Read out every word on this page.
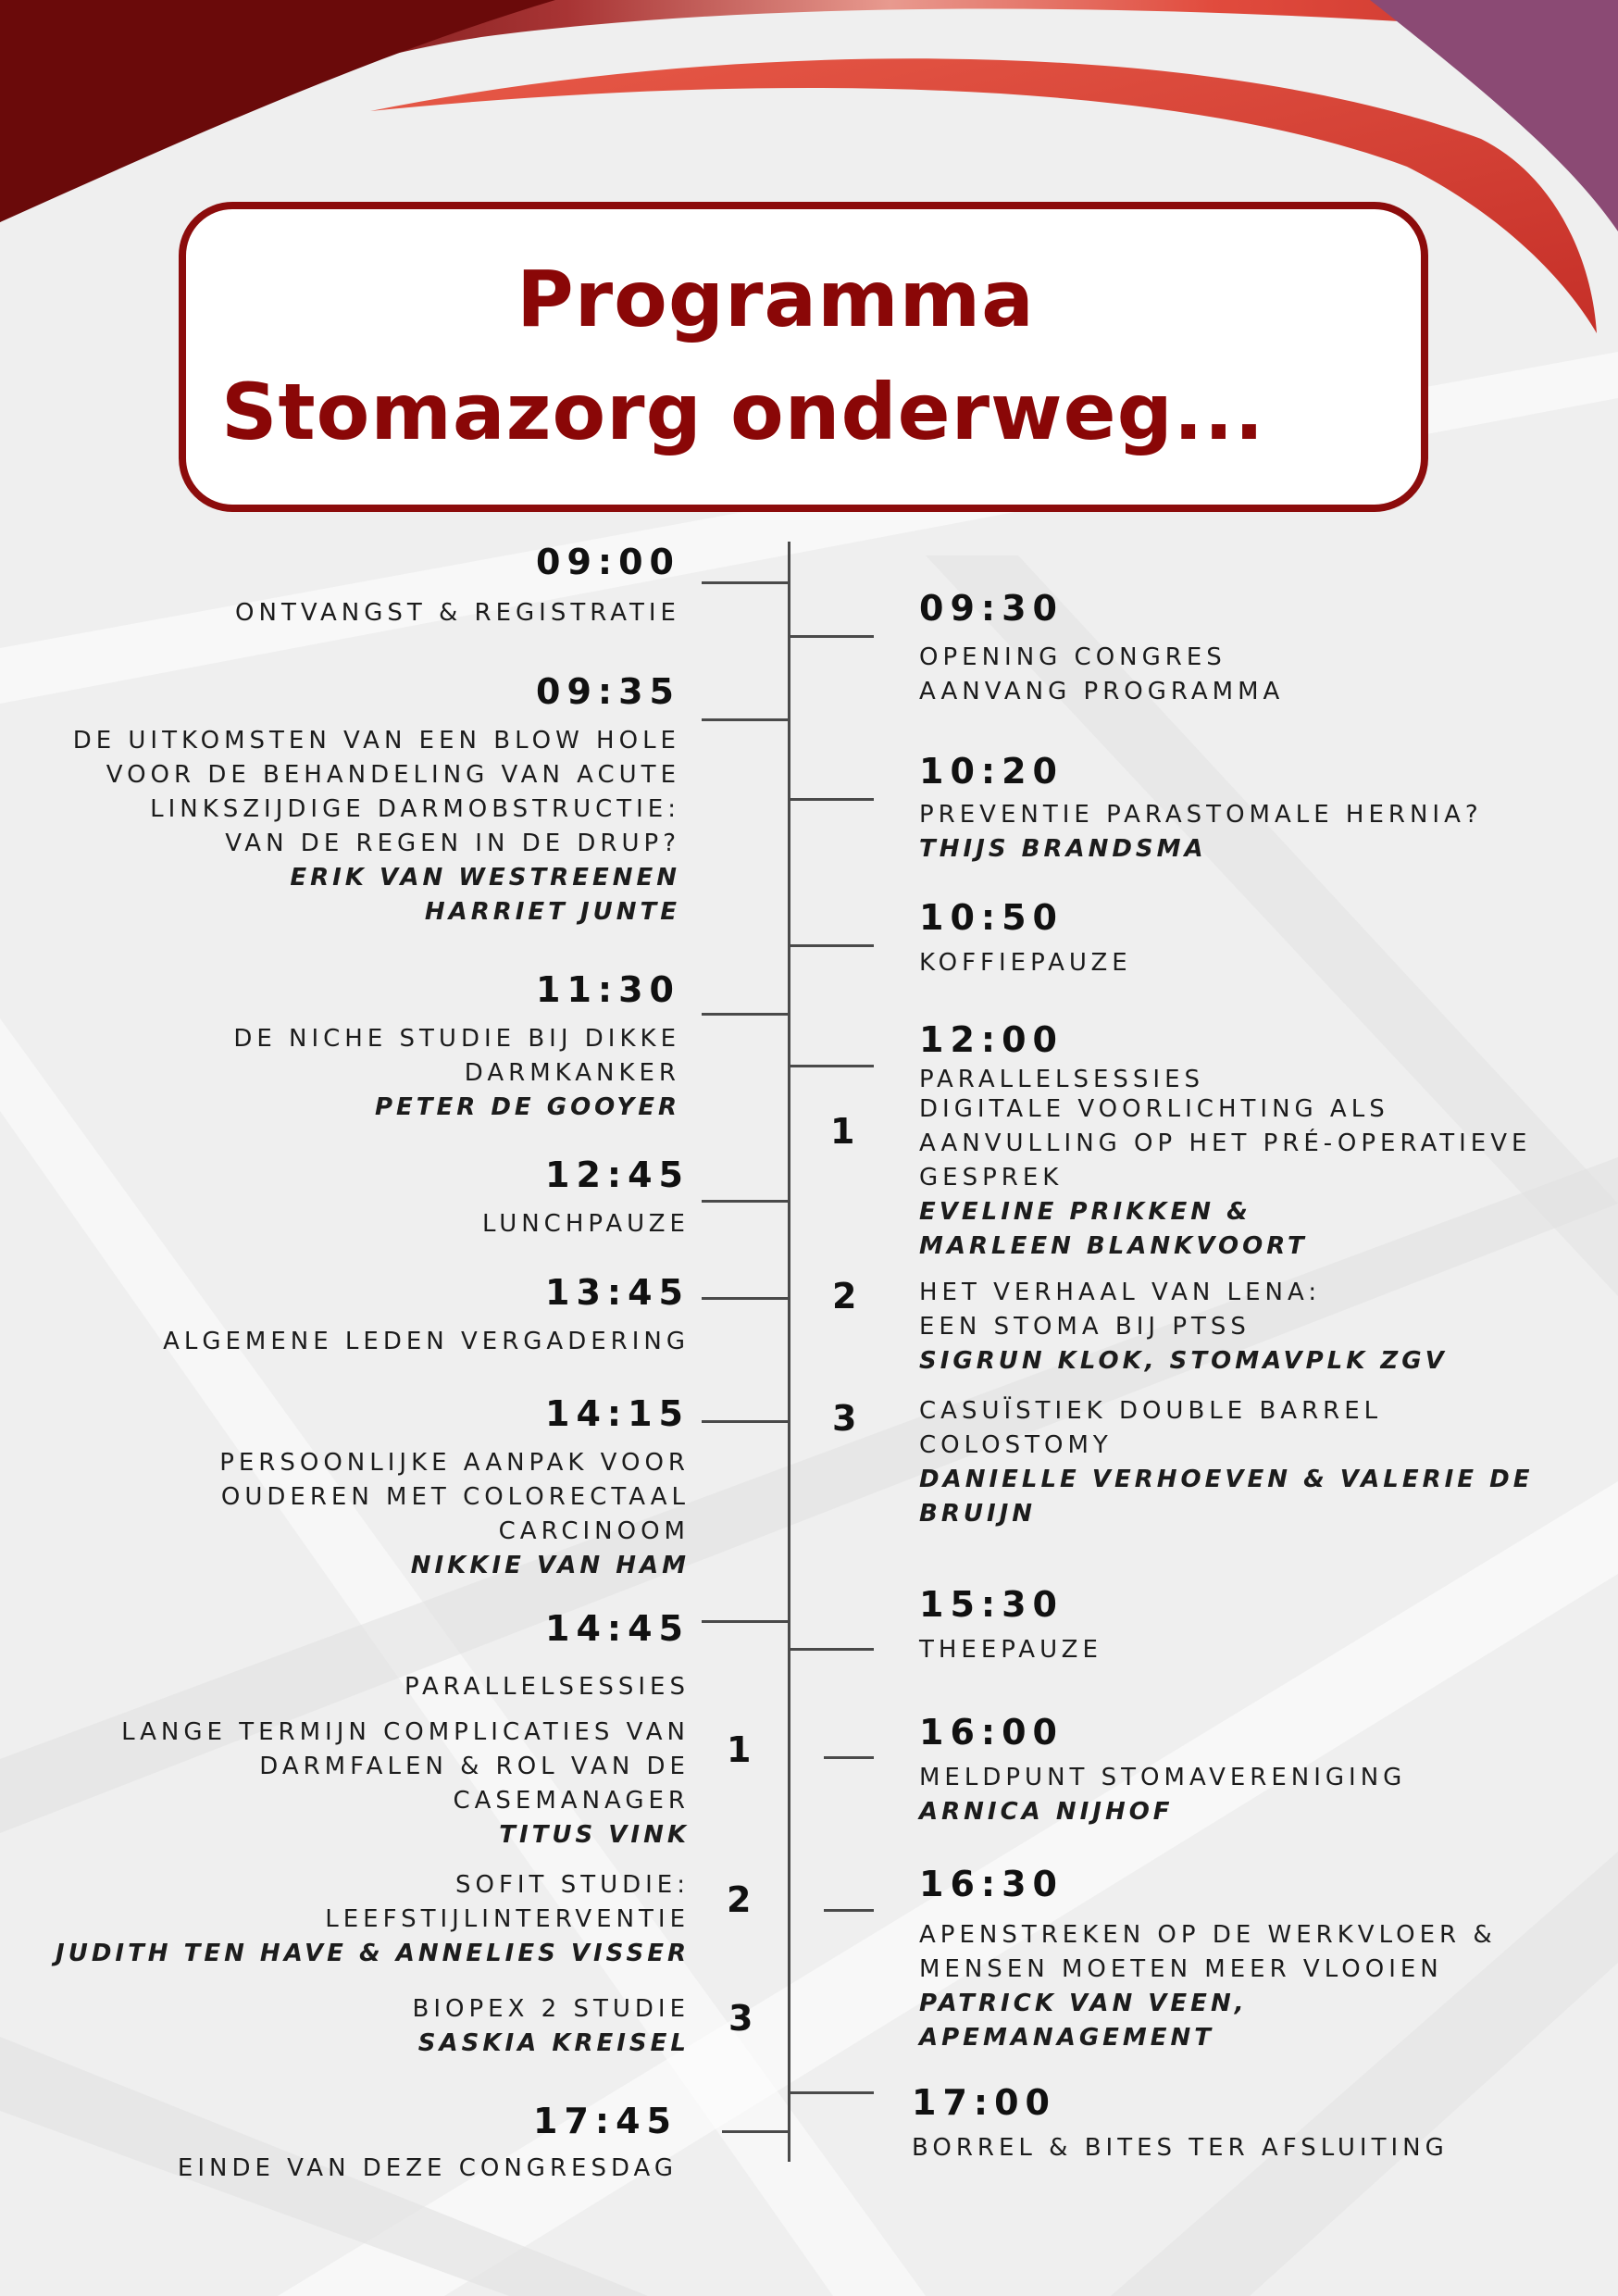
Programma
Stomazorg onderweg...
09:00
ONTVANGST & REGISTRATIE
09:35
DE UITKOMSTEN VAN EEN BLOW HOLE
VOOR DE BEHANDELING VAN ACUTE
LINKSZIJDIGE DARMOBSTRUCTIE:
VAN DE REGEN IN DE DRUP?
ERIK VAN WESTREENEN
HARRIET JUNTE
11:30
DE NICHE STUDIE BIJ DIKKE
DARMKANKER
PETER DE GOOYER
12:45
LUNCHPAUZE
13:45
ALGEMENE LEDEN VERGADERING
14:15
PERSOONLIJKE AANPAK VOOR
OUDEREN MET COLORECTAAL
CARCINOOM
NIKKIE VAN HAM
14:45
PARALLELSESSIES
LANGE TERMIJN COMPLICATIES VAN
DARMFALEN & ROL VAN DE
CASEMANAGER
TITUS VINK
SOFIT STUDIE:
LEEFSTIJLINTERVENTIE
JUDITH TEN HAVE & ANNELIES VISSER
BIOPEX 2 STUDIE
SASKIA KREISEL
17:45
EINDE VAN DEZE CONGRESDAG
09:30
OPENING CONGRES
AANVANG PROGRAMMA
10:20
PREVENTIE PARASTOMALE HERNIA?
THIJS BRANDSMA
10:50
KOFFIEPAUZE
12:00
PARALLELSESSIES
DIGITALE VOORLICHTING ALS
AANVULLING OP HET PRÉ-OPERATIEVE
GESPREK
EVELINE PRIKKEN &
MARLEEN BLANKVOORT
HET VERHAAL VAN LENA:
EEN STOMA BIJ PTSS
SIGRUN KLOK, STOMAVPLK ZGV
CASUÏSTIEK DOUBLE BARREL
COLOSTOMY
DANIELLE VERHOEVEN & VALERIE DE
BRUIJN
15:30
THEEPAUZE
16:00
MELDPUNT STOMAVERENIGING
ARNICA NIJHOF
16:30
APENSTREKEN OP DE WERKVLOER &
MENSEN MOETEN MEER VLOOIEN
PATRICK VAN VEEN,
APEMANAGEMENT
17:00
BORREL & BITES TER AFSLUITING
1
2
3
1
2
3
